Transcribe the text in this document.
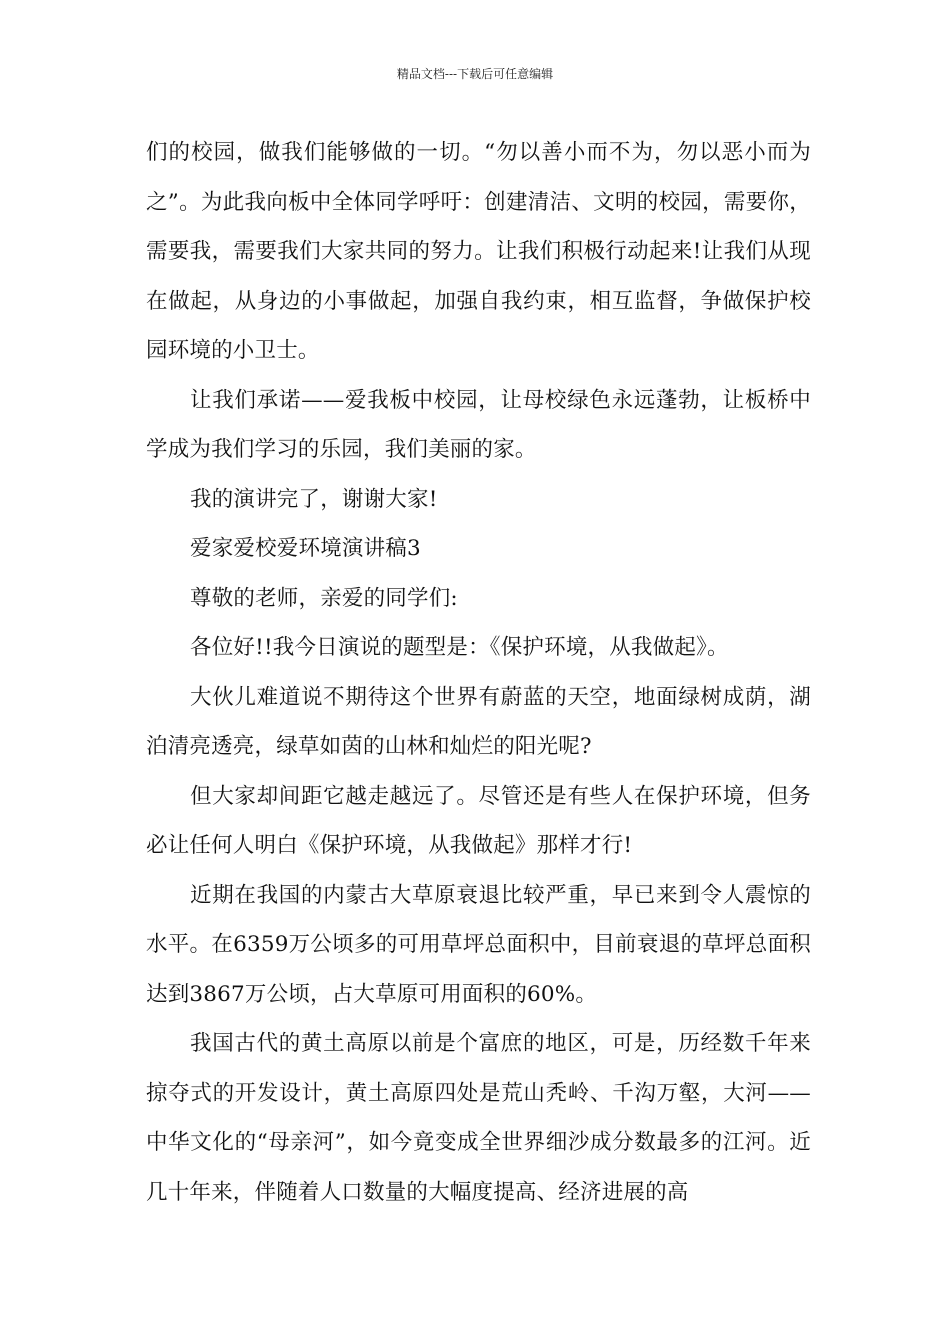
精品文档---下载后可任意编辑

们的校园，做我们能够做的一切。“勿以善小而不为，勿以恶小而为之”。为此我向板中全体同学呼吁：创建清洁、文明的校园，需要你，需要我，需要我们大家共同的努力。让我们积极行动起来!让我们从现在做起，从身边的小事做起，加强自我约束，相互监督，争做保护校园环境的小卫士。

让我们承诺——爱我板中校园，让母校绿色永远蓬勃，让板桥中学成为我们学习的乐园，我们美丽的家。

我的演讲完了，谢谢大家!

爱家爱校爱环境演讲稿3

尊敬的老师，亲爱的同学们:

各位好!!我今日演说的题型是：《保护环境，从我做起》。

大伙儿难道说不期待这个世界有蔚蓝的天空，地面绿树成荫，湖泊清亮透亮，绿草如茵的山林和灿烂的阳光呢?

但大家却间距它越走越远了。尽管还是有些人在保护环境，但务必让任何人明白《保护环境，从我做起》那样才行!

近期在我国的内蒙古大草原衰退比较严重，早已来到令人震惊的水平。在6359万公顷多的可用草坪总面积中，目前衰退的草坪总面积达到3867万公顷，占大草原可用面积的60%。

我国古代的黄土高原以前是个富庶的地区，可是，历经数千年来掠夺式的开发设计，黄土高原四处是荒山秃岭、千沟万壑，大河——中华文化的“母亲河”，如今竟变成全世界细沙成分数最多的江河。近几十年来，伴随着人口数量的大幅度提高、经济进展的高
